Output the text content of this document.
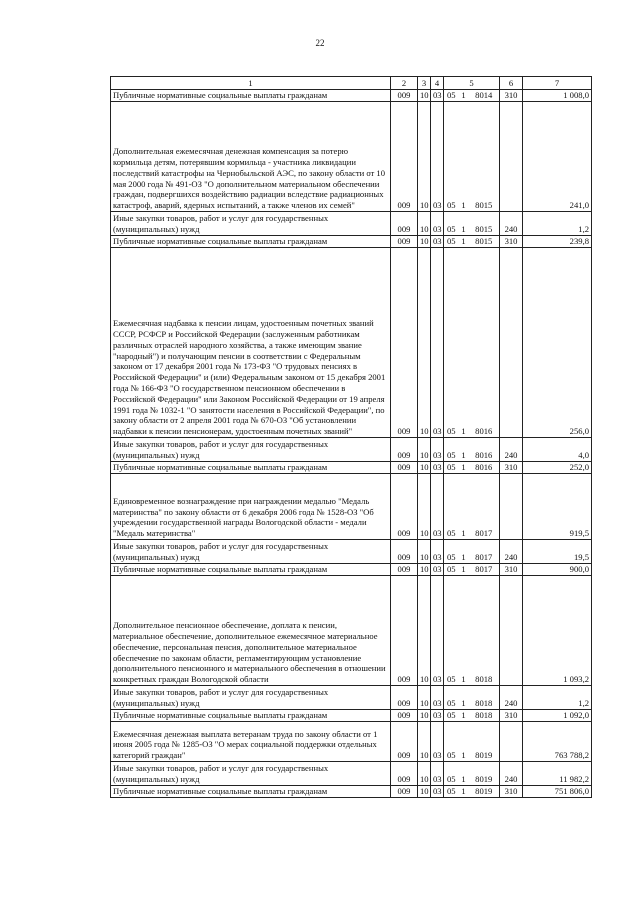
22
1	2	3	4	5			6	7
Публичные нормативные социальные выплаты гражданам	009	10	03	05	1	8014	310	1 008,0
Дополнительная ежемесячная денежная компенсация за потерю кормильца детям, потерявшим кормильца - участника ликвидации последствий катастрофы на Чернобыльской АЭС, по закону области от 10 мая 2000 года № 491-ОЗ "О дополнительном материальном обеспечении граждан, подвергшихся воздействию радиации вследствие радиационных катастроф, аварий, ядерных испытаний, а также членов их семей"	009	10	03	05	1	8015		241,0
Иные закупки товаров, работ и услуг для государственных (муниципальных) нужд	009	10	03	05	1	8015	240	1,2
Публичные нормативные социальные выплаты гражданам	009	10	03	05	1	8015	310	239,8
Ежемесячная надбавка к пенсии лицам, удостоенным почетных званий СССР, РСФСР и Российской Федерации (заслуженным работникам различных отраслей народного хозяйства, а также имеющим звание "народный") и получающим пенсии в соответствии с Федеральным законом от 17 декабря 2001 года № 173-ФЗ "О трудовых пенсиях в Российской Федерации" и (или) Федеральным законом от 15 декабря 2001 года № 166-ФЗ "О государственном пенсионном обеспечении в Российской Федерации" или Законом Российской Федерации от 19 апреля 1991 года № 1032-1 "О занятости населения в Российской Федерации", по закону области от 2 апреля 2001 года № 670-ОЗ "Об установлении надбавки к пенсии пенсионерам, удостоенным почетных званий"	009	10	03	05	1	8016		256,0
Иные закупки товаров, работ и услуг для государственных (муниципальных) нужд	009	10	03	05	1	8016	240	4,0
Публичные нормативные социальные выплаты гражданам	009	10	03	05	1	8016	310	252,0
Единовременное вознаграждение при награждении медалью "Медаль материнства" по закону области от 6 декабря 2006 года № 1528-ОЗ "Об учреждении государственной награды Вологодской области - медали "Медаль материнства"	009	10	03	05	1	8017		919,5
Иные закупки товаров, работ и услуг для государственных (муниципальных) нужд	009	10	03	05	1	8017	240	19,5
Публичные нормативные социальные выплаты гражданам	009	10	03	05	1	8017	310	900,0
Дополнительное пенсионное обеспечение, доплата к пенсии, материальное обеспечение, дополнительное ежемесячное материальное обеспечение, персональная пенсия, дополнительное материальное обеспечение по законам области, регламентирующим установление дополнительного пенсионного и материального обеспечения в отношении конкретных граждан Вологодской области	009	10	03	05	1	8018		1 093,2
Иные закупки товаров, работ и услуг для государственных (муниципальных) нужд	009	10	03	05	1	8018	240	1,2
Публичные нормативные социальные выплаты гражданам	009	10	03	05	1	8018	310	1 092,0
Ежемесячная денежная выплата ветеранам труда по закону области от 1 июня 2005 года № 1285-ОЗ "О мерах социальной поддержки отдельных категорий граждан"	009	10	03	05	1	8019		763 788,2
Иные закупки товаров, работ и услуг для государственных (муниципальных) нужд	009	10	03	05	1	8019	240	11 982,2
Публичные нормативные социальные выплаты гражданам	009	10	03	05	1	8019	310	751 806,0
